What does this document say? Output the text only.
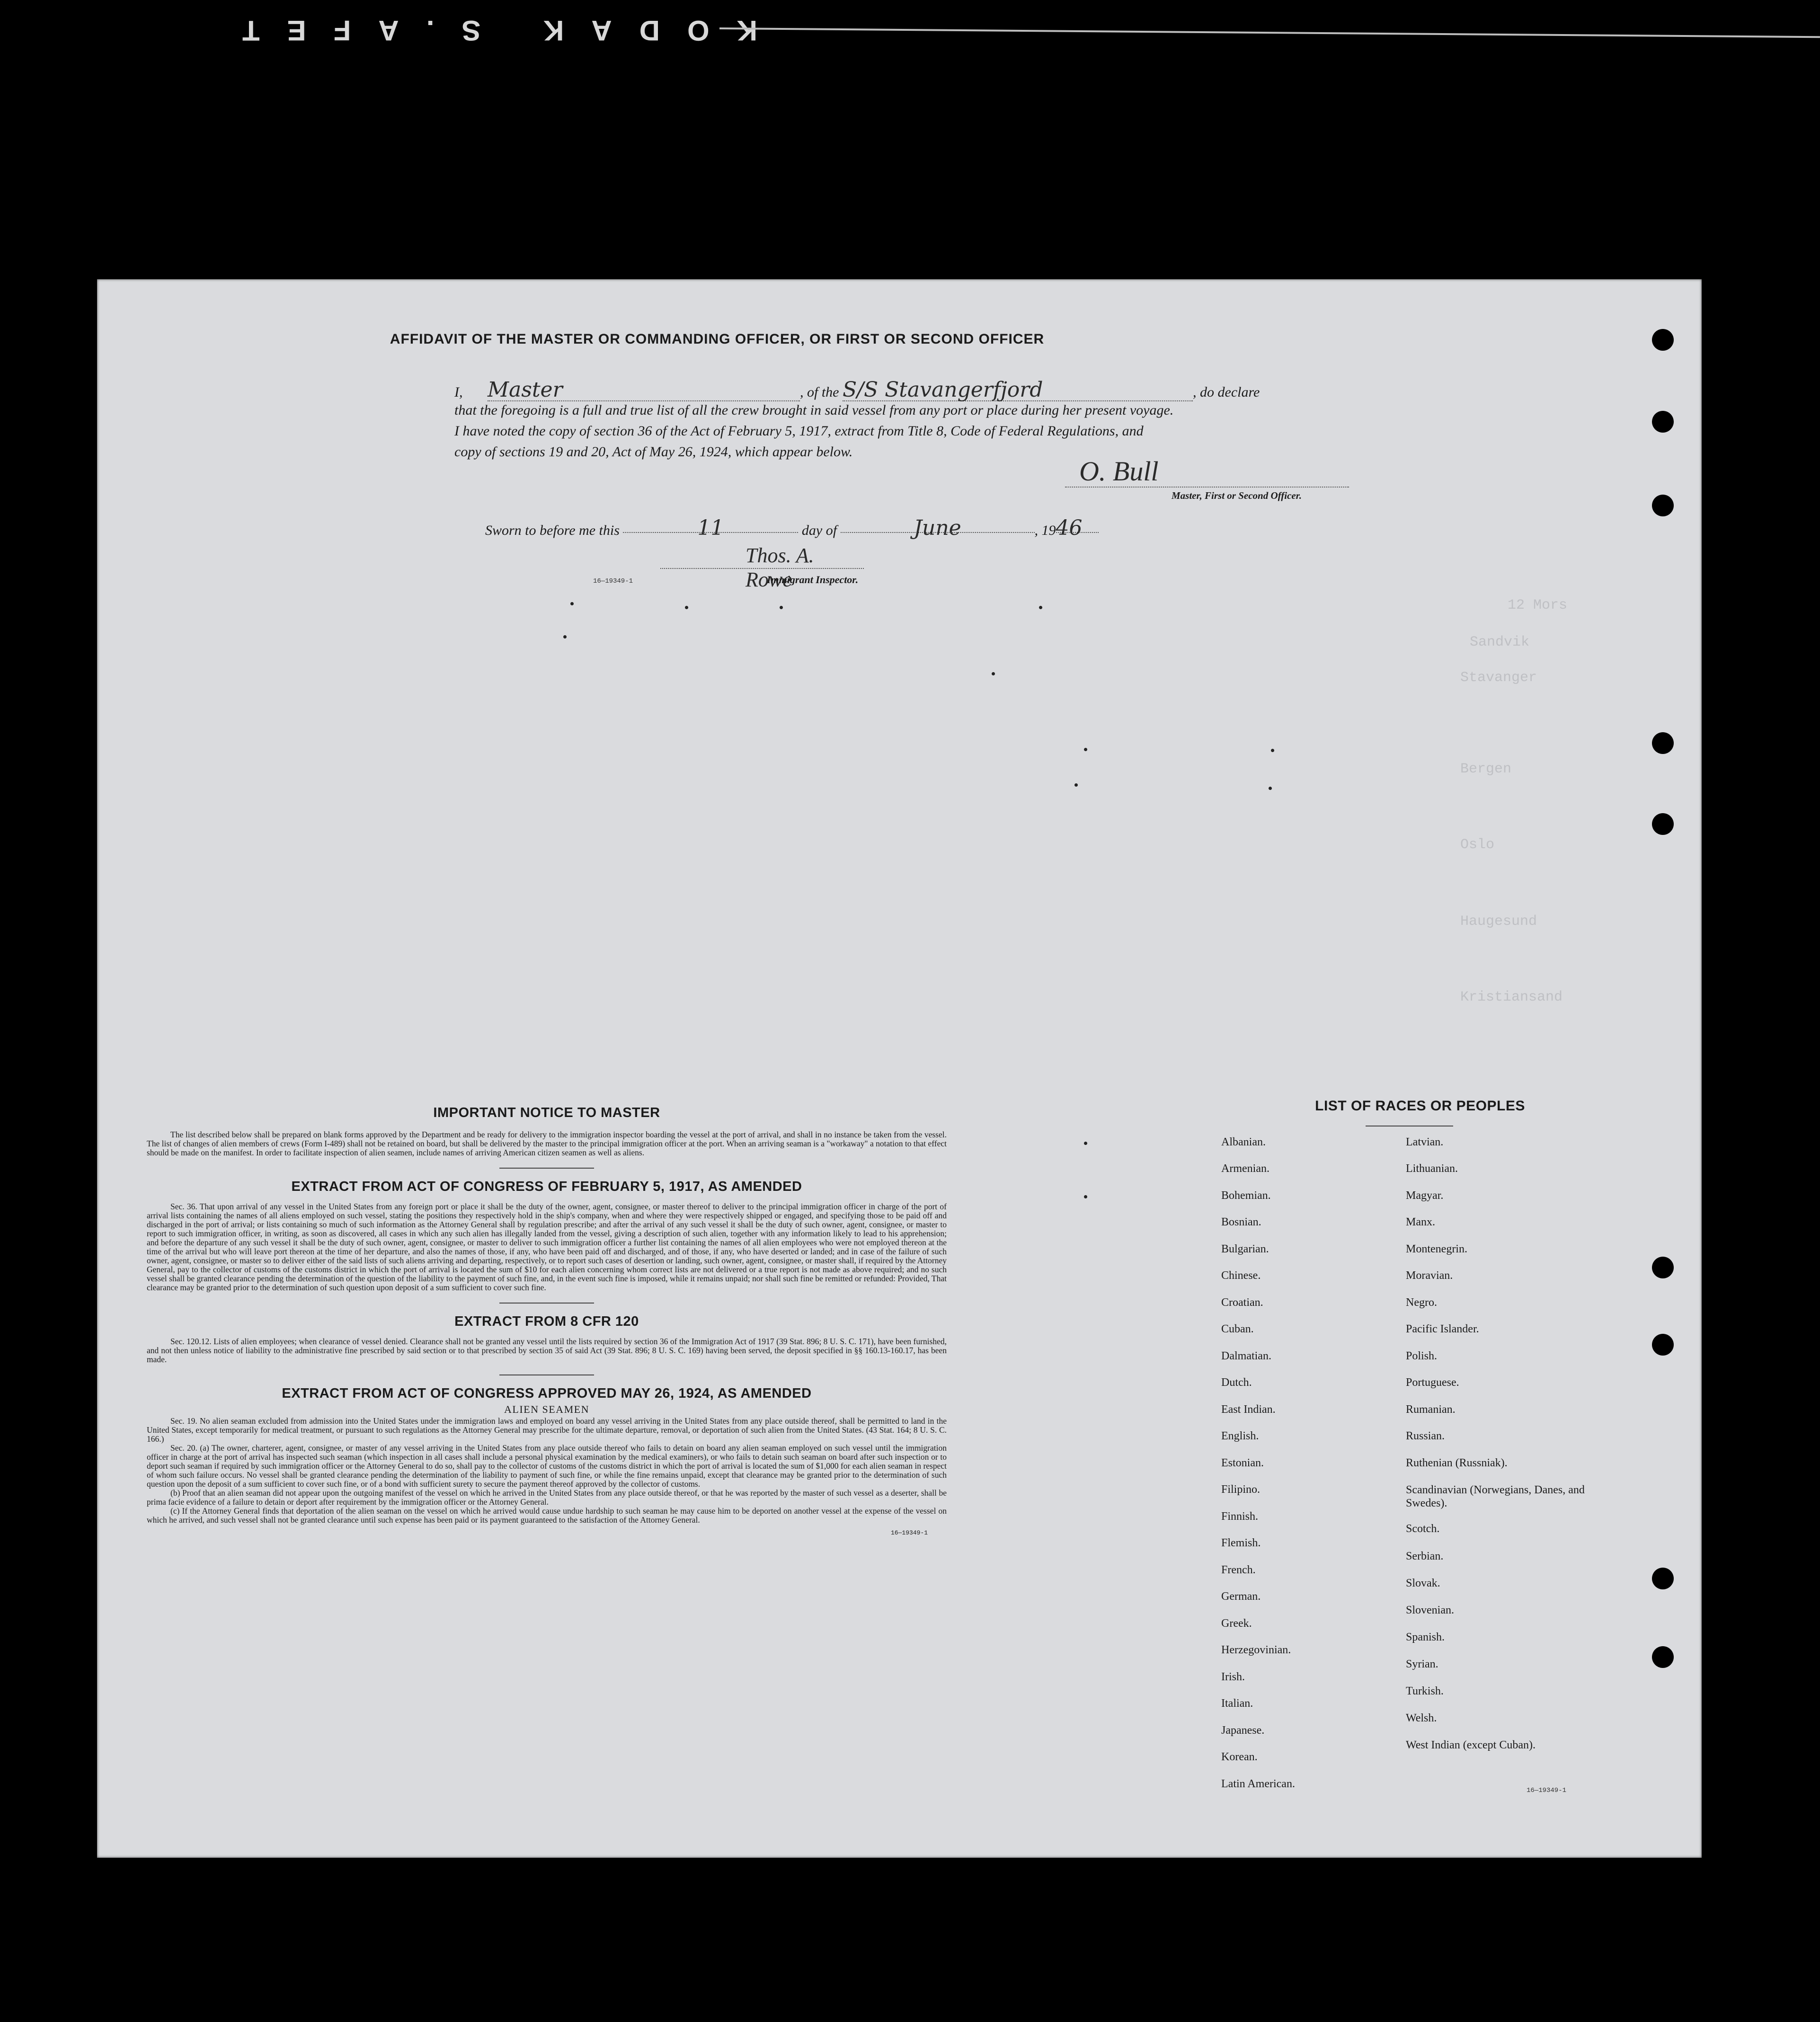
KODAK S.AFET
12 Mors
Sandvik
Stavanger
Bergen
Oslo
Haugesund
Kristiansand
AFFIDAVIT OF THE MASTER OR COMMANDING OFFICER, OR FIRST OR SECOND OFFICER
I, Master	, of the S/S Stavangerfjord	, do declare
that the foregoing is a full and true list of all the crew brought in said vessel from any port or place during her present voyage.
I have noted the copy of section 36 of the Act of February 5, 1917, extract from Title 8, Code of Federal Regulations, and
copy of sections 19 and 20, Act of May 26, 1924, which appear below.
O. Bull
Master, First or Second Officer.
Sworn to before me this	11	day of	June	, 1946
16—19349-1
Thos. A. Rowe
Immigrant Inspector.
IMPORTANT NOTICE TO MASTER

The list described below shall be prepared on blank forms approved by the Department and be ready for delivery to the immigration inspector boarding the vessel at the port of arrival, and shall in no instance be taken from the vessel. The list of changes of alien members of crews (Form I-489) shall not be retained on board, but shall be delivered by the master to the principal immigration officer at the port. When an arriving seaman is a "workaway" a notation to that effect should be made on the manifest. In order to facilitate inspection of alien seamen, include names of arriving American citizen seamen as well as aliens.

EXTRACT FROM ACT OF CONGRESS OF FEBRUARY 5, 1917, AS AMENDED

Sec. 36. That upon arrival of any vessel in the United States from any foreign port or place it shall be the duty of the owner, agent, consignee, or master thereof to deliver to the principal immigration officer in charge of the port of arrival lists containing the names of all aliens employed on such vessel, stating the positions they respectively hold in the ship's company, when and where they were respectively shipped or engaged, and specifying those to be paid off and discharged in the port of arrival; or lists containing so much of such information as the Attorney General shall by regulation prescribe; and after the arrival of any such vessel it shall be the duty of such owner, agent, consignee, or master to report to such immigration officer, in writing, as soon as discovered, all cases in which any such alien has illegally landed from the vessel, giving a description of such alien, together with any information likely to lead to his apprehension; and before the departure of any such vessel it shall be the duty of such owner, agent, consignee, or master to deliver to such immigration officer a further list containing the names of all alien employees who were not employed thereon at the time of the arrival but who will leave port thereon at the time of her departure, and also the names of those, if any, who have been paid off and discharged, and of those, if any, who have deserted or landed; and in case of the failure of such owner, agent, consignee, or master so to deliver either of the said lists of such aliens arriving and departing, respectively, or to report such cases of desertion or landing, such owner, agent, consignee, or master shall, if required by the Attorney General, pay to the collector of customs of the customs district in which the port of arrival is located the sum of $10 for each alien concerning whom correct lists are not delivered or a true report is not made as above required; and no such vessel shall be granted clearance pending the determination of the question of the liability to the payment of such fine, and, in the event such fine is imposed, while it remains unpaid; nor shall such fine be remitted or refunded: Provided, That clearance may be granted prior to the determination of such question upon deposit of a sum sufficient to cover such fine.

EXTRACT FROM 8 CFR 120

Sec. 120.12. Lists of alien employees; when clearance of vessel denied. Clearance shall not be granted any vessel until the lists required by section 36 of the Immigration Act of 1917 (39 Stat. 896; 8 U. S. C. 171), have been furnished, and not then unless notice of liability to the administrative fine prescribed by said section or to that prescribed by section 35 of said Act (39 Stat. 896; 8 U. S. C. 169) having been served, the deposit specified in §§ 160.13-160.17, has been made.

EXTRACT FROM ACT OF CONGRESS APPROVED MAY 26, 1924, AS AMENDED
ALIEN SEAMEN

Sec. 19. No alien seaman excluded from admission into the United States under the immigration laws and employed on board any vessel arriving in the United States from any place outside thereof, shall be permitted to land in the United States, except temporarily for medical treatment, or pursuant to such regulations as the Attorney General may prescribe for the ultimate departure, removal, or deportation of such alien from the United States. (43 Stat. 164; 8 U. S. C. 166.)

Sec. 20. (a) The owner, charterer, agent, consignee, or master of any vessel arriving in the United States from any place outside thereof who fails to detain on board any alien seaman employed on such vessel until the immigration officer in charge at the port of arrival has inspected such seaman (which inspection in all cases shall include a personal physical examination by the medical examiners), or who fails to detain such seaman on board after such inspection or to deport such seaman if required by such immigration officer or the Attorney General to do so, shall pay to the collector of customs of the customs district in which the port of arrival is located the sum of $1,000 for each alien seaman in respect of whom such failure occurs. No vessel shall be granted clearance pending the determination of the liability to payment of such fine, or while the fine remains unpaid, except that clearance may be granted prior to the determination of such question upon the deposit of a sum sufficient to cover such fine, or of a bond with sufficient surety to secure the payment thereof approved by the collector of customs.

(b) Proof that an alien seaman did not appear upon the outgoing manifest of the vessel on which he arrived in the United States from any place outside thereof, or that he was reported by the master of such vessel as a deserter, shall be prima facie evidence of a failure to detain or deport after requirement by the immigration officer or the Attorney General.

(c) If the Attorney General finds that deportation of the alien seaman on the vessel on which he arrived would cause undue hardship to such seaman he may cause him to be deported on another vessel at the expense of the vessel on which he arrived, and such vessel shall not be granted clearance until such expense has been paid or its payment guaranteed to the satisfaction of the Attorney General.

16—19349-1
LIST OF RACES OR PEOPLES
Albanian.
Armenian.
Bohemian.
Bosnian.
Bulgarian.
Chinese.
Croatian.
Cuban.
Dalmatian.
Dutch.
East Indian.
English.
Estonian.
Filipino.
Finnish.
Flemish.
French.
German.
Greek.
Herzegovinian.
Irish.
Italian.
Japanese.
Korean.
Latin American.
Latvian.
Lithuanian.
Magyar.
Manx.
Montenegrin.
Moravian.
Negro.
Pacific Islander.
Polish.
Portuguese.
Rumanian.
Russian.
Ruthenian (Russniak).
Scandinavian (Norwegians, Danes, and Swedes).
Scotch.
Serbian.
Slovak.
Slovenian.
Spanish.
Syrian.
Turkish.
Welsh.
West Indian (except Cuban).
16—19349-1
